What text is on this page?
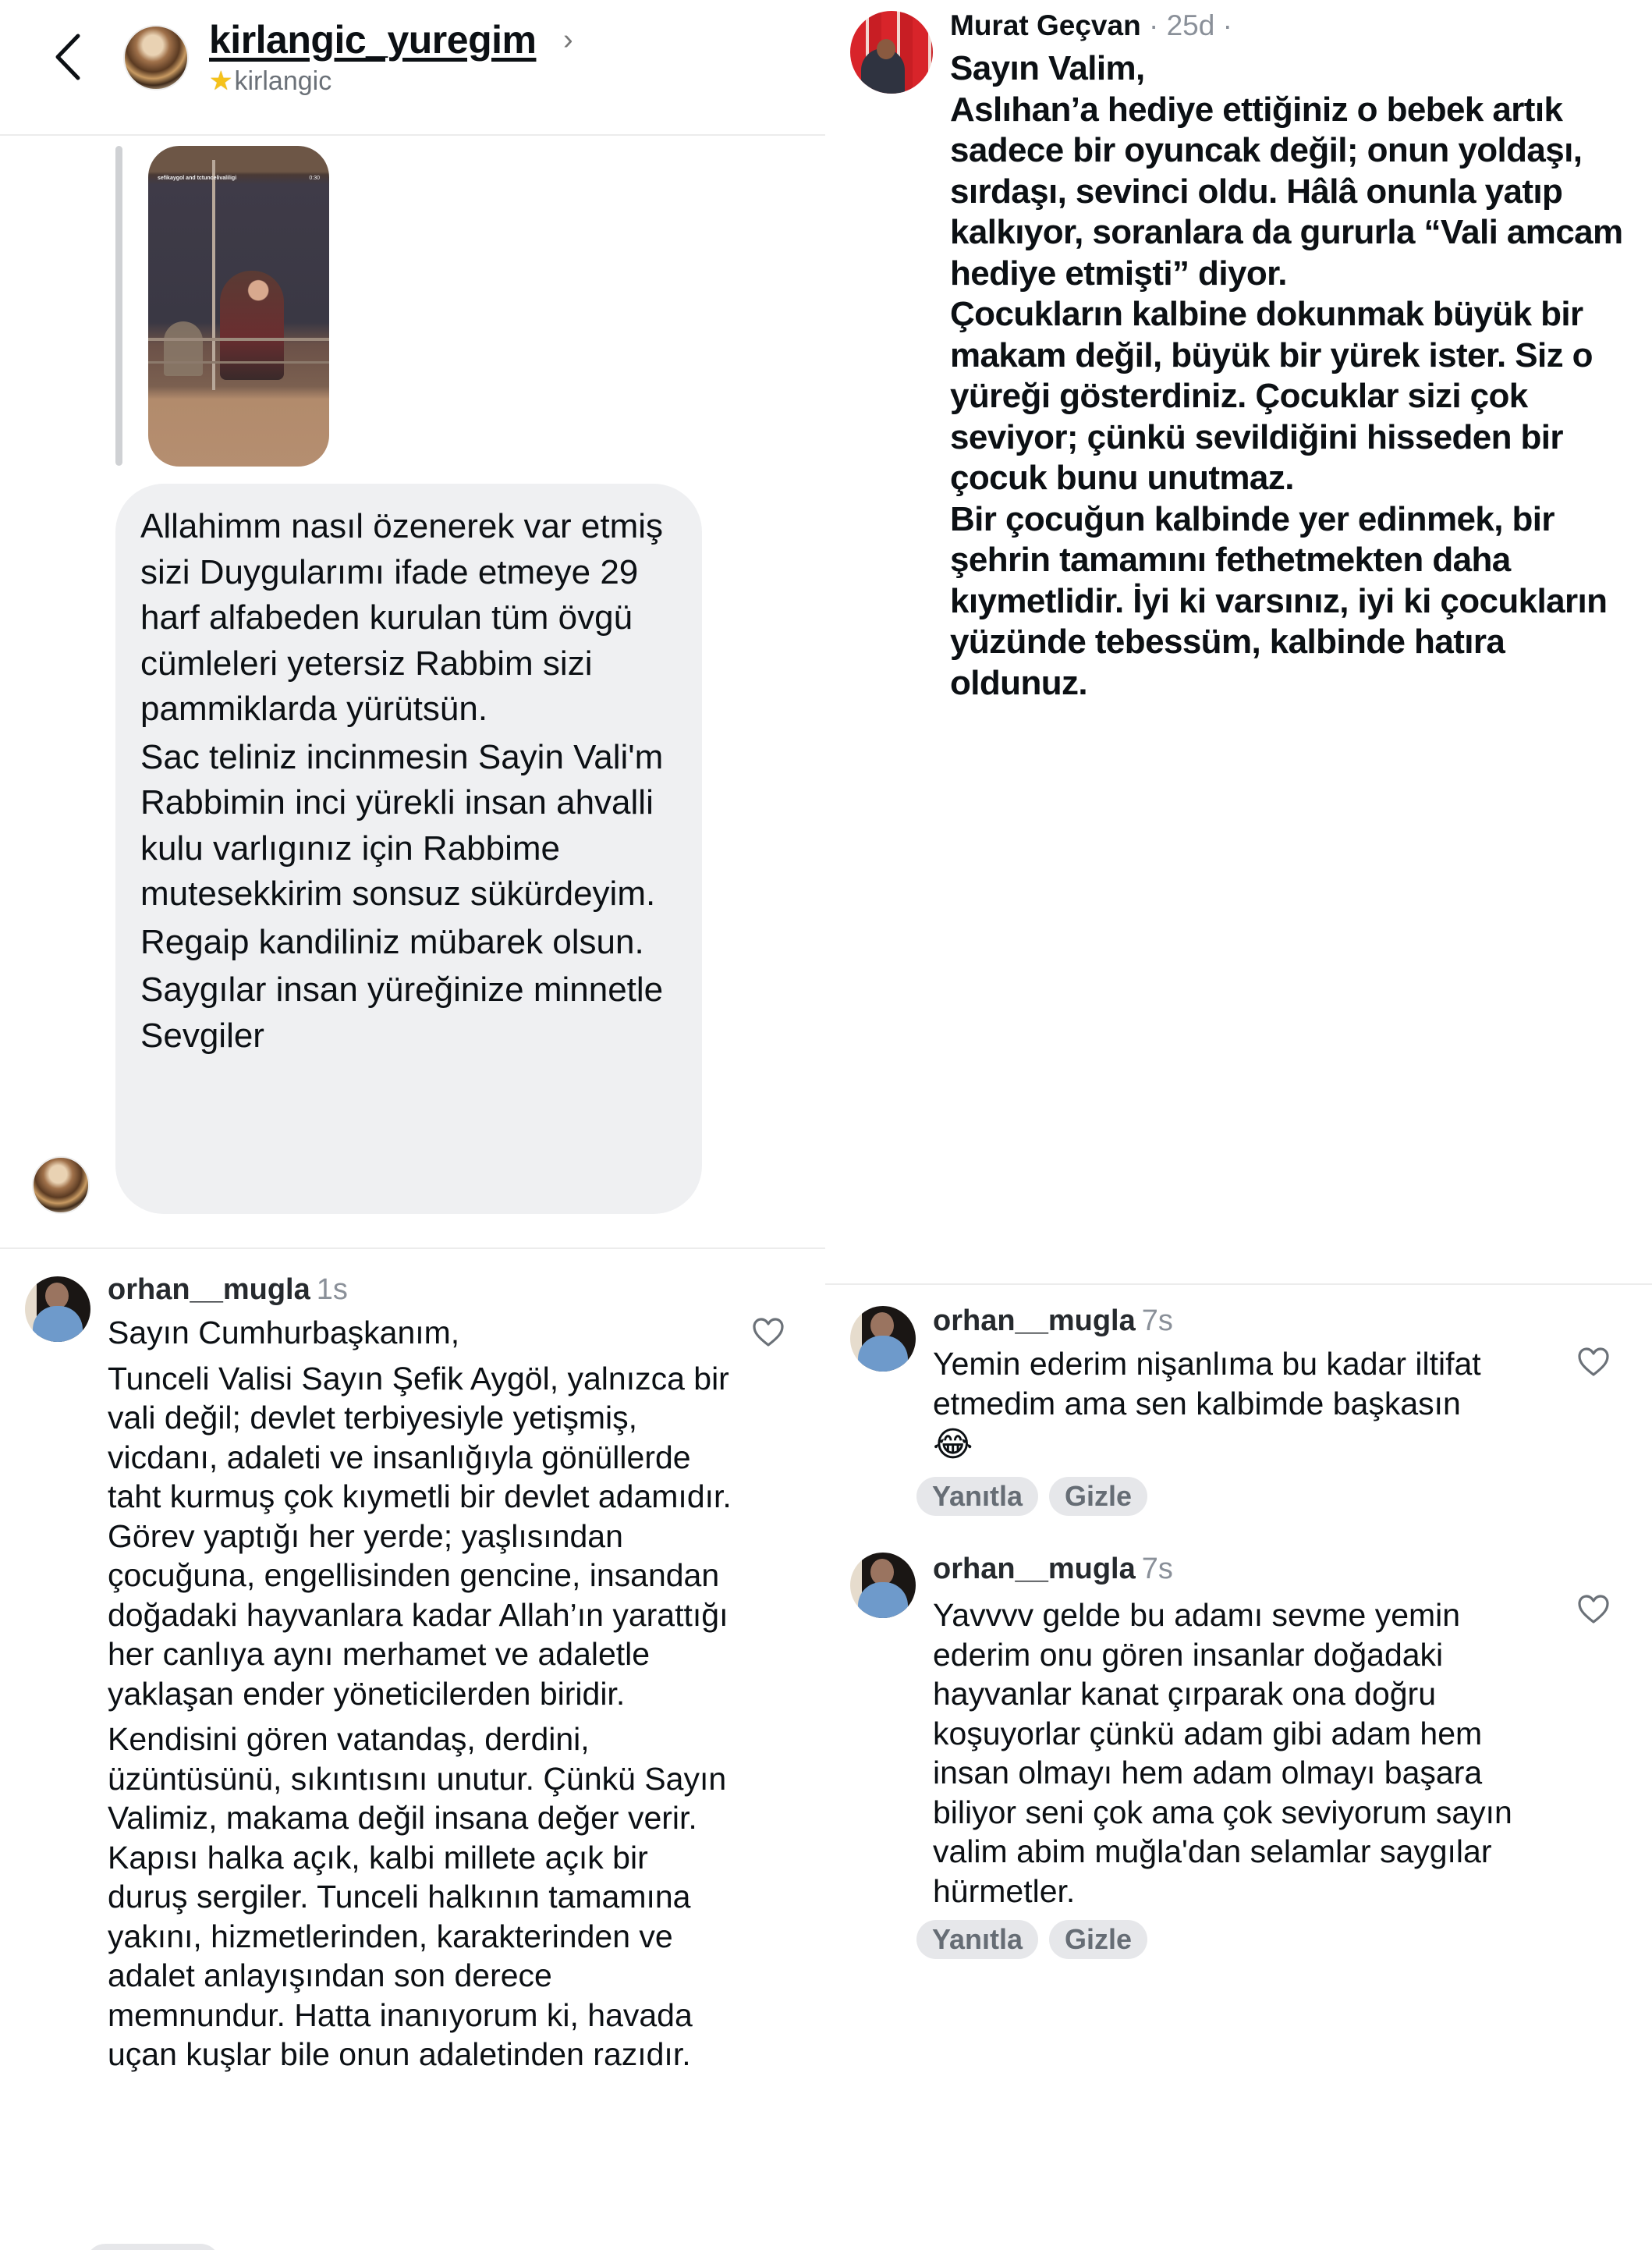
kirlangic_yuregim ›
★ kirlangic
sefikaygol and tctuncelivaliligi	0:30

Allahimm nasıl özenerek var etmiş sizi Duygularımı ifade etmeye 29 harf alfabeden kurulan tüm övgü cümleleri yetersiz Rabbim sizi pammiklarda yürütsün.

Sac teliniz incinmesin Sayin Vali'm Rabbimin inci yürekli insan ahvalli kulu varlıgınız için Rabbime mutesekkirim sonsuz sükürdeyim.

Regaip kandiliniz mübarek olsun.

Saygılar insan yüreğinize minnetle Sevgiler

orhan__mugla 1s

Sayın Cumhurbaşkanım,

Tunceli Valisi Sayın Şefik Aygöl, yalnızca bir vali değil; devlet terbiyesiyle yetişmiş, vicdanı, adaleti ve insanlığıyla gönüllerde taht kurmuş çok kıymetli bir devlet adamıdır. Görev yaptığı her yerde; yaşlısından çocuğuna, engellisinden gencine, insandan doğadaki hayvanlara kadar Allah’ın yarattığı her canlıya aynı merhamet ve adaletle yaklaşan ender yöneticilerden biridir.

Kendisini gören vatandaş, derdini, üzüntüsünü, sıkıntısını unutur. Çünkü Sayın Valimiz, makama değil insana değer verir. Kapısı halka açık, kalbi millete açık bir duruş sergiler. Tunceli halkının tamamına yakını, hizmetlerinden, karakterinden ve adalet anlayışından son derece memnundur. Hatta inanıyorum ki, havada uçan kuşlar bile onun adaletinden razıdır.

Murat Geçvan · 25d ·

Sayın Valim,

Aslıhan’a hediye ettiğiniz o bebek artık sadece bir oyuncak değil; onun yoldaşı, sırdaşı, sevinci oldu. Hâlâ onunla yatıp kalkıyor, soranlara da gururla “Vali amcam hediye etmişti” diyor.

Çocukların kalbine dokunmak büyük bir makam değil, büyük bir yürek ister. Siz o yüreği gösterdiniz. Çocuklar sizi çok seviyor; çünkü sevildiğini hisseden bir çocuk bunu unutmaz.

Bir çocuğun kalbinde yer edinmek, bir şehrin tamamını fethetmekten daha kıymetlidir. İyi ki varsınız, iyi ki çocukların yüzünde tebessüm, kalbinde hatıra oldunuz.

orhan__mugla 7s
Yemin ederim nişanlıma bu kadar iltifat etmedim ama sen kalbimde başkasın
😂
Yanıtla	Gizle
orhan__mugla 7s
Yavvvv gelde bu adamı sevme yemin ederim onu gören insanlar doğadaki hayvanlar kanat çırparak ona doğru koşuyorlar çünkü adam gibi adam hem insan olmayı hem adam olmayı başara biliyor seni çok ama çok seviyorum sayın valim abim muğla'dan selamlar saygılar hürmetler.
Yanıtla	Gizle
